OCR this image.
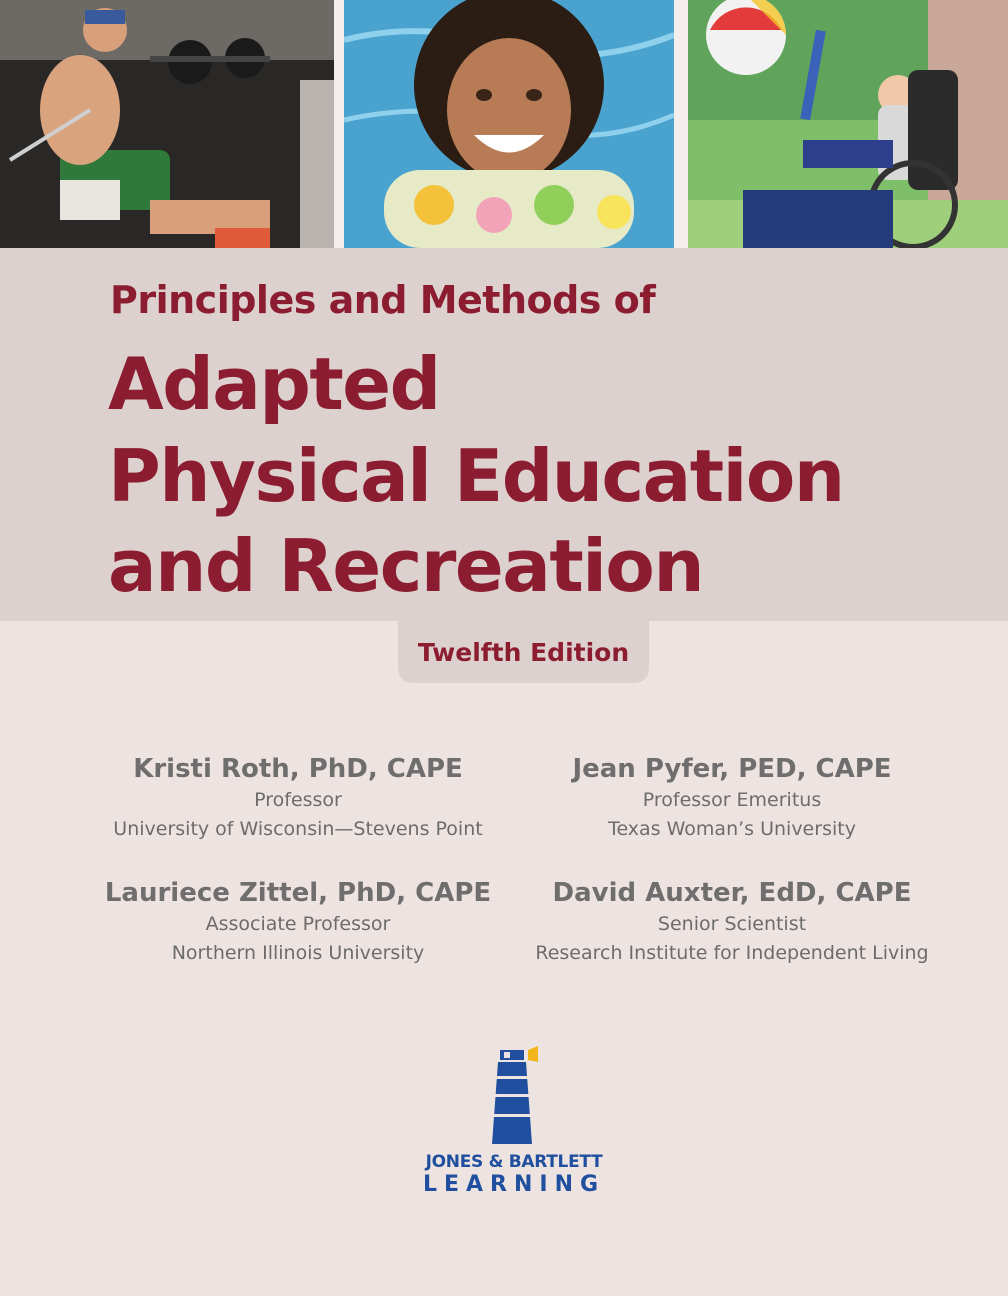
Principles and Methods of
Adapted
Physical Education
and Recreation
Twelfth Edition
Kristi Roth, PhD, CAPE
Professor
University of Wisconsin—Stevens Point
Jean Pyfer, PED, CAPE
Professor Emeritus
Texas Woman’s University
Lauriece Zittel, PhD, CAPE
Associate Professor
Northern Illinois University
David Auxter, EdD, CAPE
Senior Scientist
Research Institute for Independent Living
JONES & BARTLETT
LEARNING
